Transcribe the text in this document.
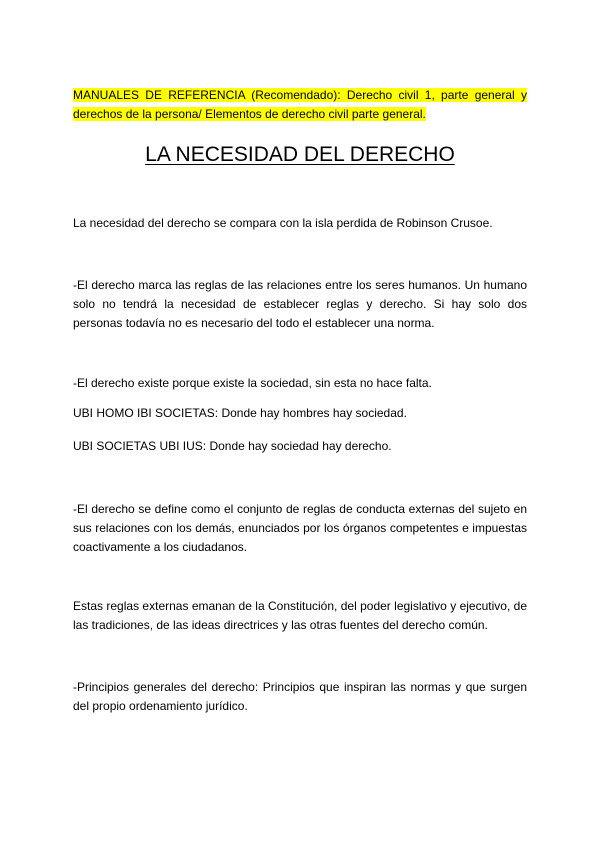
MANUALES DE REFERENCIA (Recomendado): Derecho civil 1, parte general y derechos de la persona/ Elementos de derecho civil parte general.

LA NECESIDAD DEL DERECHO

La necesidad del derecho se compara con la isla perdida de Robinson Crusoe.

-El derecho marca las reglas de las relaciones entre los seres humanos. Un humano solo no tendrá la necesidad de establecer reglas y derecho. Si hay solo dos personas todavía no es necesario del todo el establecer una norma.

-El derecho existe porque existe la sociedad, sin esta no hace falta.

UBI HOMO IBI SOCIETAS: Donde hay hombres hay sociedad.

UBI SOCIETAS UBI IUS: Donde hay sociedad hay derecho.

-El derecho se define como el conjunto de reglas de conducta externas del sujeto en sus relaciones con los demás, enunciados por los órganos competentes e impuestas coactivamente a los ciudadanos.

Estas reglas externas emanan de la Constitución, del poder legislativo y ejecutivo, de las tradiciones, de las ideas directrices y las otras fuentes del derecho común.

-Principios generales del derecho: Principios que inspiran las normas y que surgen del propio ordenamiento jurídico.
